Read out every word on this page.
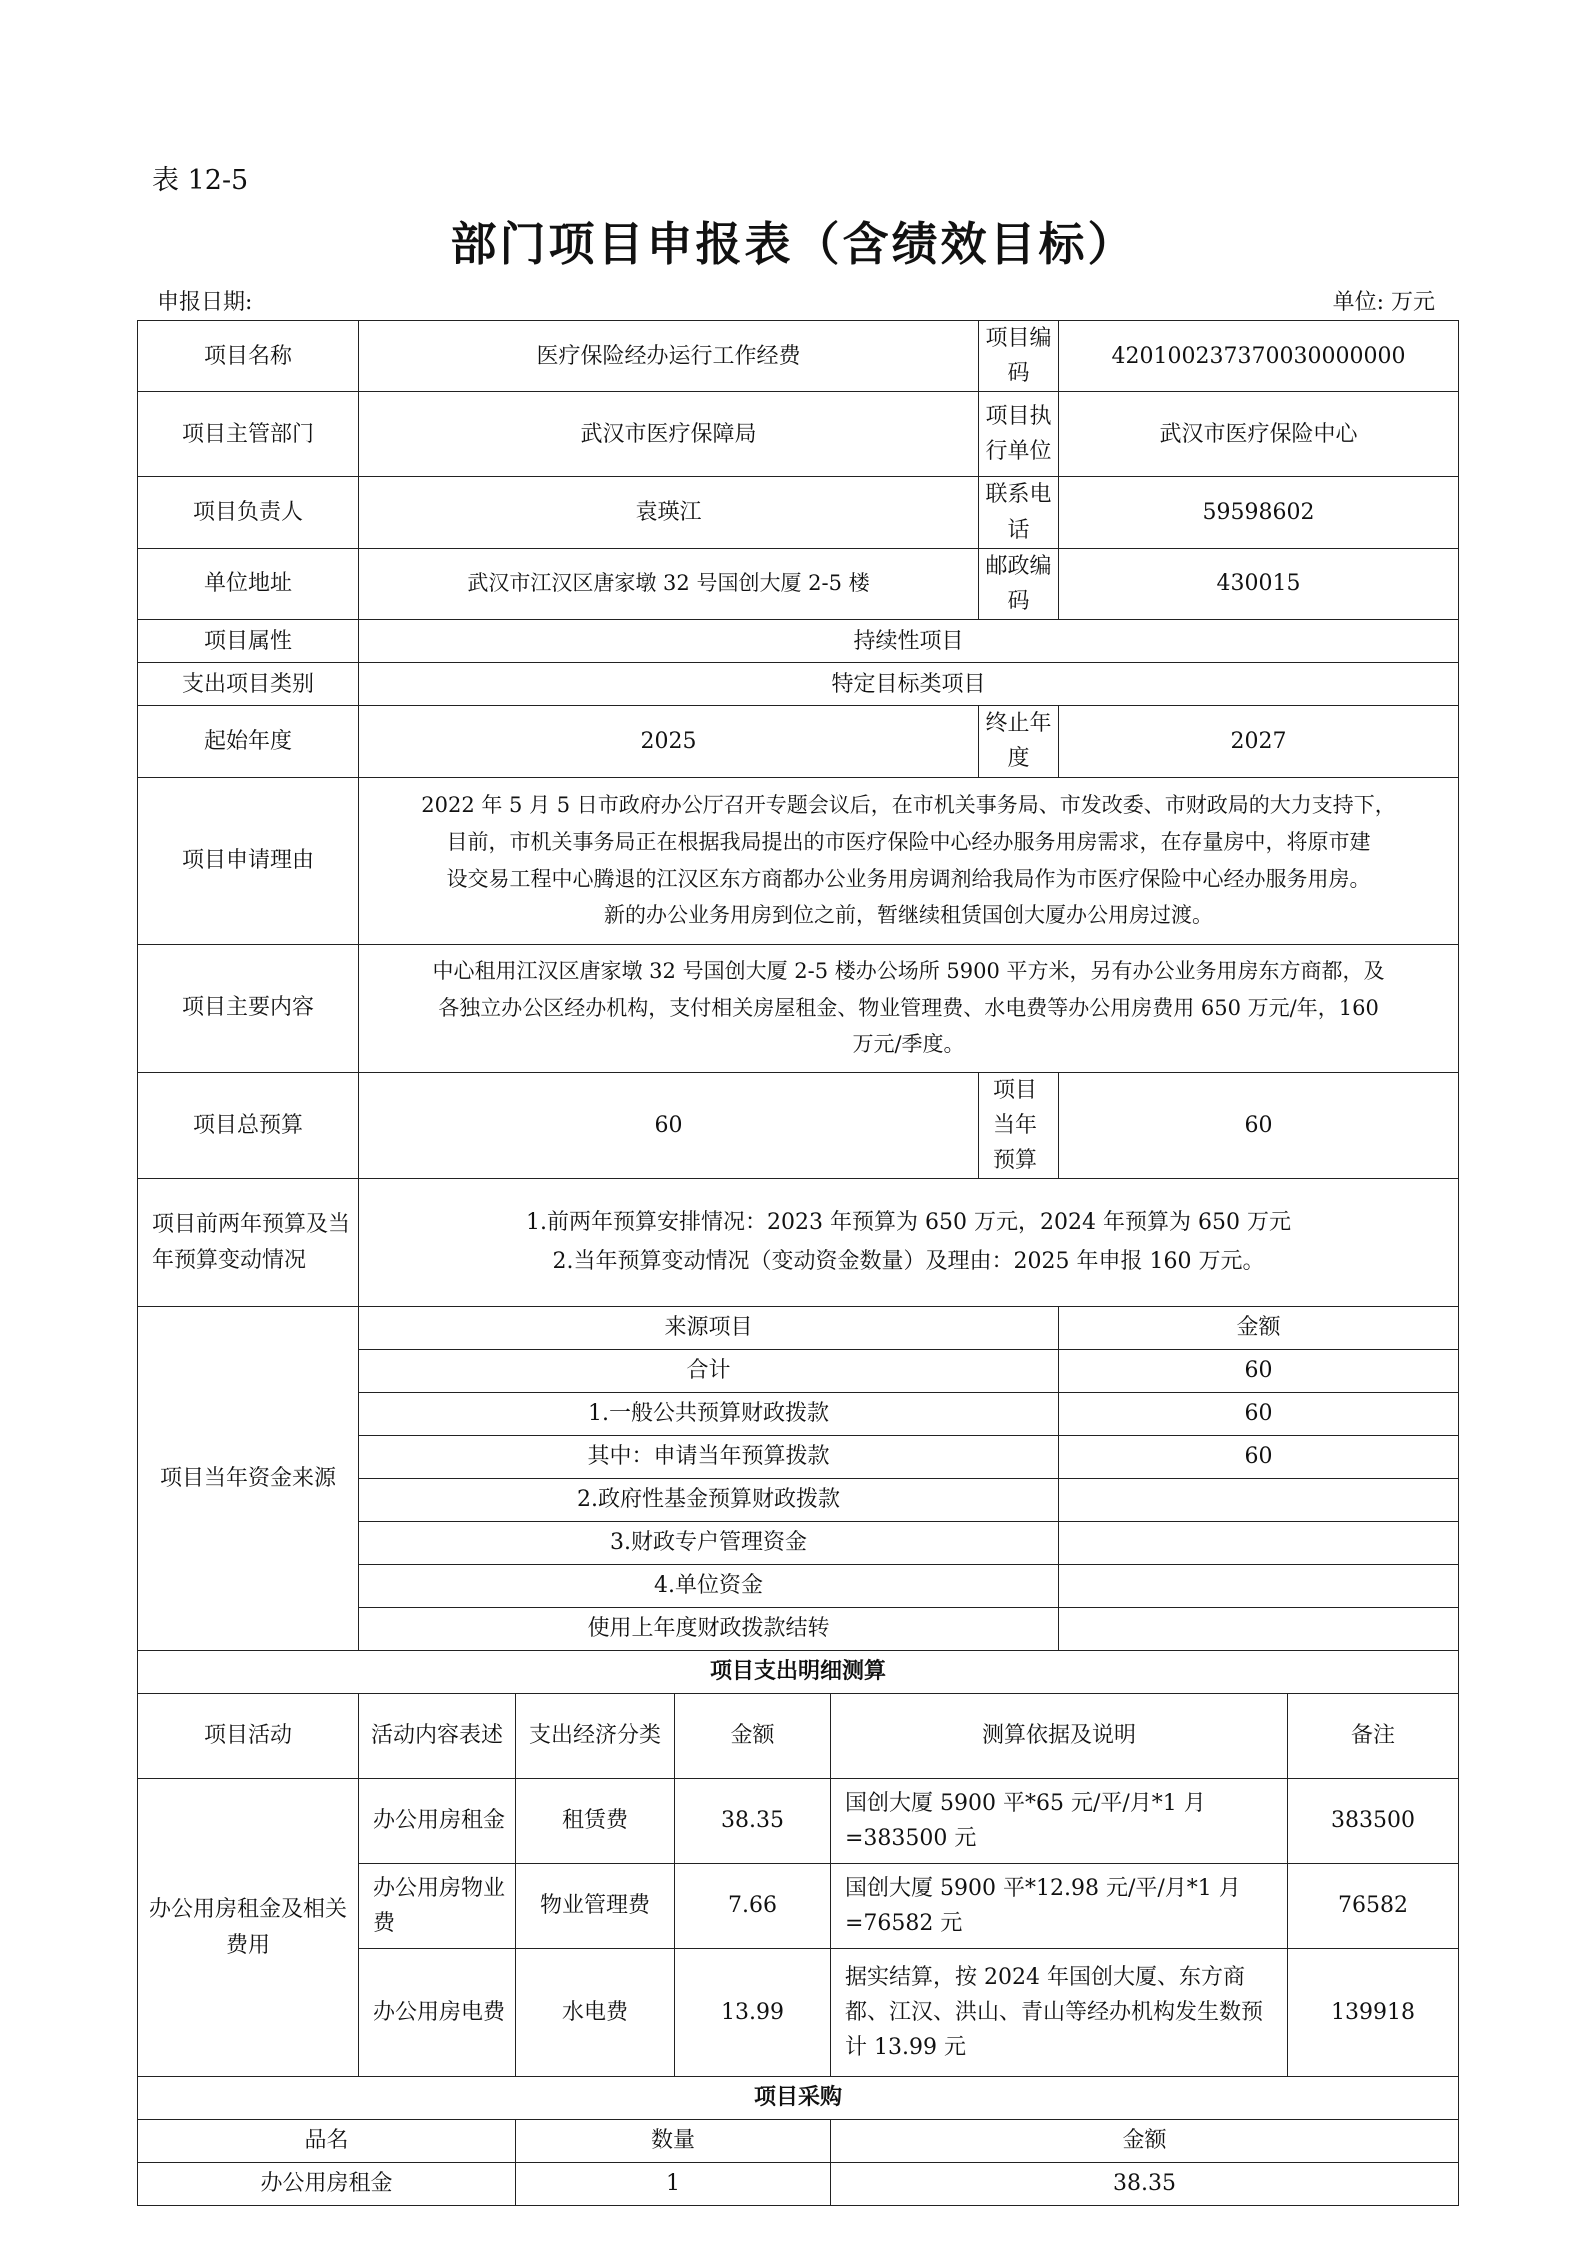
表 12-5
部门项目申报表（含绩效目标）
申报日期:	单位: 万元
项目名称	医疗保险经办运行工作经费				项目编码	420100237370030000000	
项目主管部门	武汉市医疗保障局				项目执行单位	武汉市医疗保险中心	
项目负责人	袁瑛江				联系电话	59598602	
单位地址	武汉市江汉区唐家墩 32 号国创大厦 2-5 楼				邮政编码	430015	
项目属性	持续性项目						
支出项目类别	特定目标类项目						
起始年度	2025				终止年度	2027	
项目申请理由	2022 年 5 月 5 日市政府办公厅召开专题会议后，在市机关事务局、市发改委、市财政局的大力支持下，
目前，市机关事务局正在根据我局提出的市医疗保险中心经办服务用房需求，在存量房中，将原市建
设交易工程中心腾退的江汉区东方商都办公业务用房调剂给我局作为市医疗保险中心经办服务用房。
新的办公业务用房到位之前，暂继续租赁国创大厦办公用房过渡。						

项目主要内容	中心租用江汉区唐家墩 32 号国创大厦 2-5 楼办公场所 5900 平方米，另有办公业务用房东方商都，及
各独立办公区经办机构，支付相关房屋租金、物业管理费、水电费等办公用房费用 650 万元/年，160
万元/季度。						

项目总预算	60				项目当年预算	60	
项目前两年预算及当年预算变动情况	1.前两年预算安排情况：2023 年预算为 650 万元，2024 年预算为 650 万元
2.当年预算变动情况（变动资金数量）及理由：2025 年申报 160 万元。						

项目当年资金来源	来源项目					金额	
	合计					60	
	1.一般公共预算财政拨款					60	
	其中：申请当年预算拨款					60	
	2.政府性基金预算财政拨款						
	3.财政专户管理资金						
	4.单位资金						
	使用上年度财政拨款结转						
项目支出明细测算							
项目活动	活动内容表述	支出经济分类	金额	测算依据及说明			备注
办公用房租金及相关费用	办公用房租金	租赁费	38.35	国创大厦 5900 平*65 元/平/月*1 月=383500 元			383500
	办公用房物业费	物业管理费	7.66	国创大厦 5900 平*12.98 元/平/月*1 月=76582 元			76582
	办公用房电费	水电费	13.99	据实结算，按 2024 年国创大厦、东方商都、江汉、洪山、青山等经办机构发生数预计 13.99 元			139918
项目采购							
品名		数量		金额			
办公用房租金		1		38.35			
